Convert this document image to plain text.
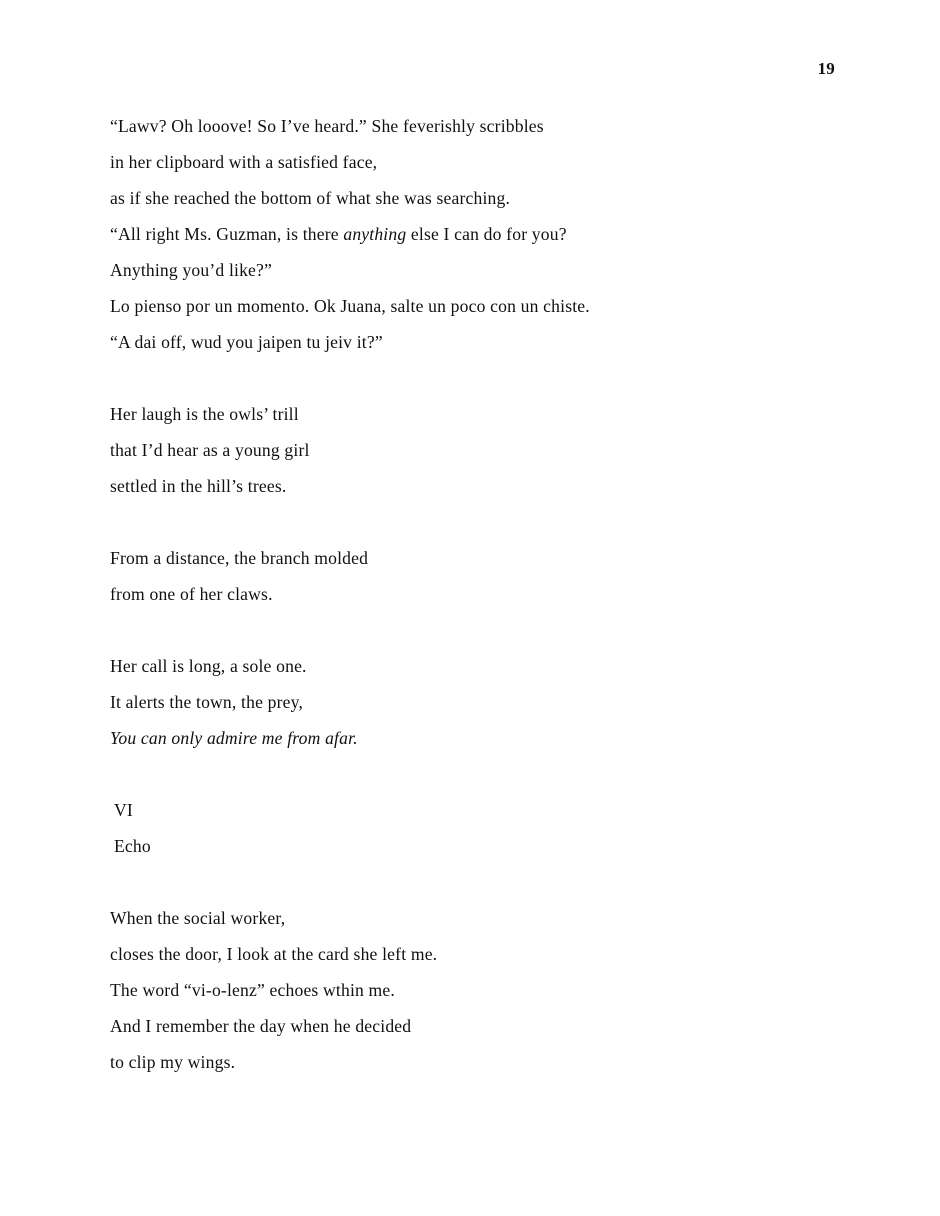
19
“Lawv? Oh looove! So I’ve heard.” She feverishly scribbles
in her clipboard with a satisfied face,
as if she reached the bottom of what she was searching.
“All right Ms. Guzman, is there anything else I can do for you?
Anything you’d like?”
Lo pienso por un momento. Ok Juana, salte un poco con un chiste.
“A dai off, wud you jaipen tu jeiv it?”
Her laugh is the owls’ trill
that I’d hear as a young girl
settled in the hill’s trees.
From a distance, the branch molded
from one of her claws.
Her call is long, a sole one.
It alerts the town, the prey,
You can only admire me from afar.
VI
Echo
When the social worker,
closes the door, I look at the card she left me.
The word “vi-o-lenz” echoes wthin me.
And I remember the day when he decided
to clip my wings.
